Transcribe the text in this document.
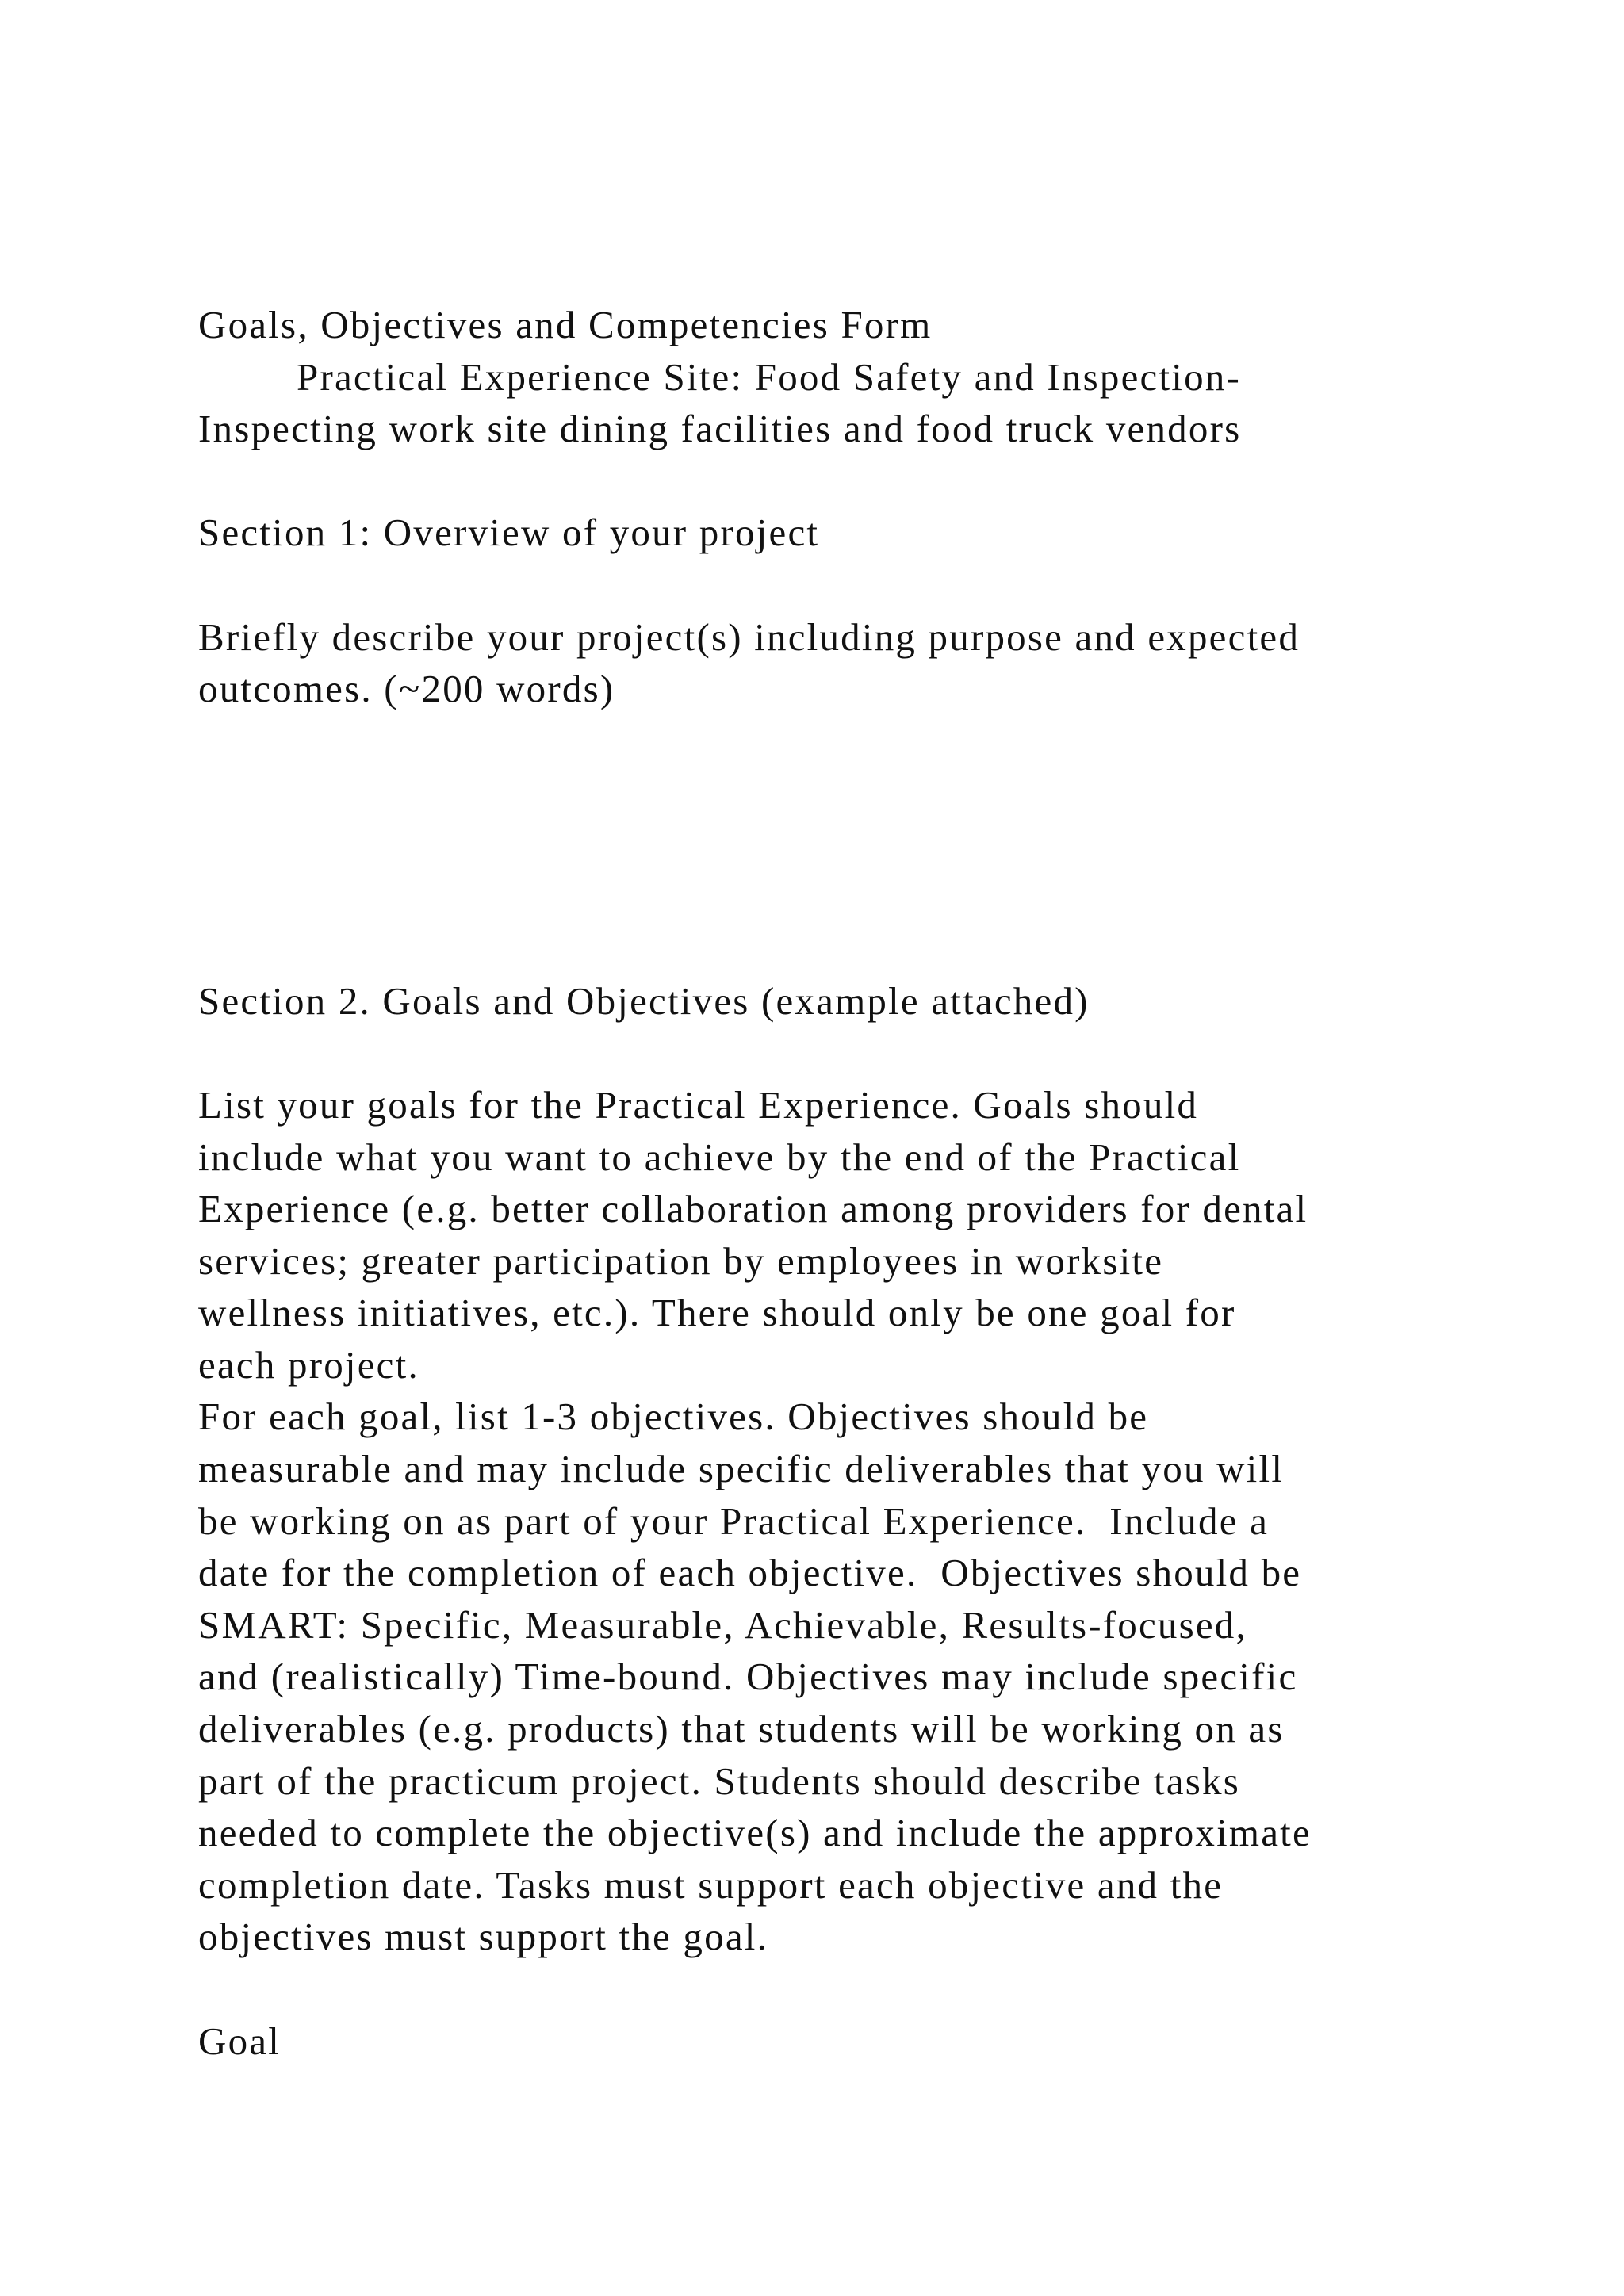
Goals, Objectives and Competencies Form
Practical Experience Site: Food Safety and Inspection-
Inspecting work site dining facilities and food truck vendors
Section 1: Overview of your project
Briefly describe your project(s) including purpose and expected
outcomes. (~200 words)
Section 2. Goals and Objectives (example attached)
List your goals for the Practical Experience. Goals should
include what you want to achieve by the end of the Practical
Experience (e.g. better collaboration among providers for dental
services; greater participation by employees in worksite
wellness initiatives, etc.). There should only be one goal for
each project.
For each goal, list 1-3 objectives. Objectives should be
measurable and may include specific deliverables that you will
be working on as part of your Practical Experience.  Include a
date for the completion of each objective.  Objectives should be
SMART: Specific, Measurable, Achievable, Results-focused,
and (realistically) Time-bound. Objectives may include specific
deliverables (e.g. products) that students will be working on as
part of the practicum project. Students should describe tasks
needed to complete the objective(s) and include the approximate
completion date. Tasks must support each objective and the
objectives must support the goal.
Goal
